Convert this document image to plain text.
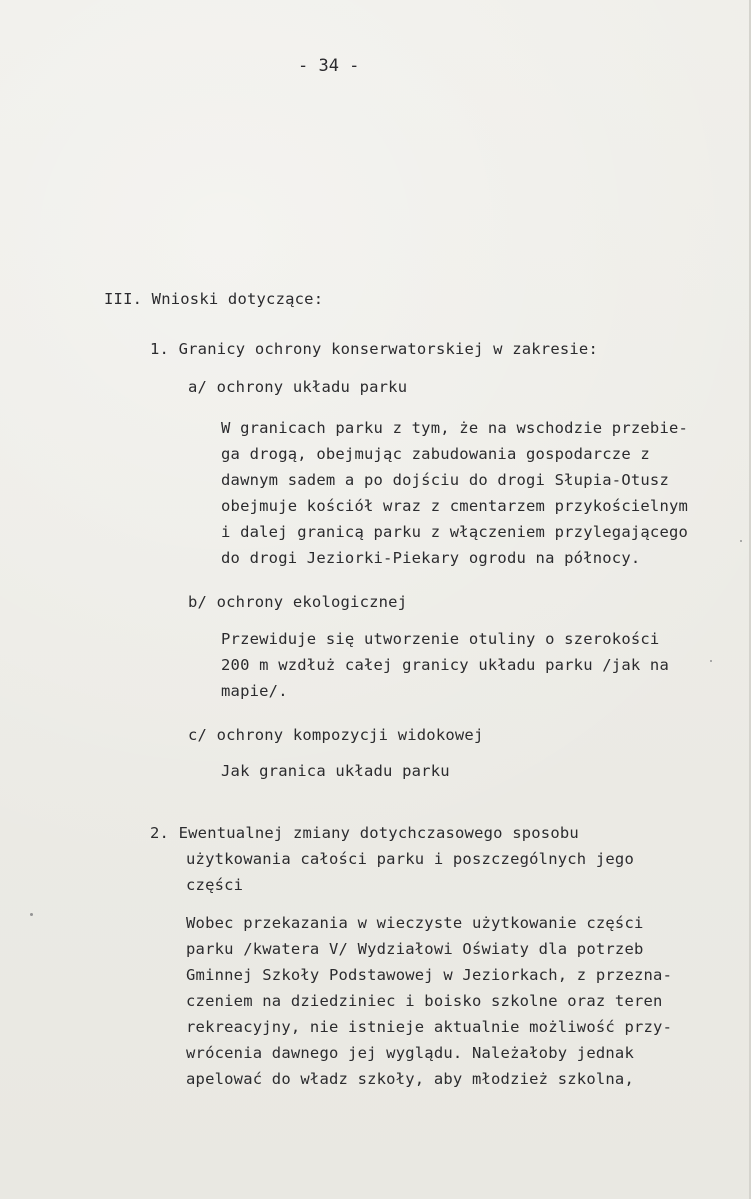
- 34 -
III. Wnioski dotyczące:
1. Granicy ochrony konserwatorskiej w zakresie:
a/ ochrony układu parku
W granicach parku z tym, że na wschodzie przebie-
ga drogą, obejmując zabudowania gospodarcze z
dawnym sadem a po dojściu do drogi Słupia-Otusz
obejmuje kościół wraz z cmentarzem przykościelnym
i dalej granicą parku z włączeniem przylegającego
do drogi Jeziorki-Piekary ogrodu na północy.
b/ ochrony ekologicznej
Przewiduje się utworzenie otuliny o szerokości
200 m wzdłuż całej granicy układu parku /jak na
mapie/.
c/ ochrony kompozycji widokowej
Jak granica układu parku
2. Ewentualnej zmiany dotychczasowego sposobu
użytkowania całości parku i poszczególnych jego
części
Wobec przekazania w wieczyste użytkowanie części
parku /kwatera V/ Wydziałowi Oświaty dla potrzeb
Gminnej Szkoły Podstawowej w Jeziorkach, z przezna-
czeniem na dziedziniec i boisko szkolne oraz teren
rekreacyjny, nie istnieje aktualnie możliwość przy-
wrócenia dawnego jej wyglądu. Należałoby jednak
apelować do władz szkoły, aby młodzież szkolna,
